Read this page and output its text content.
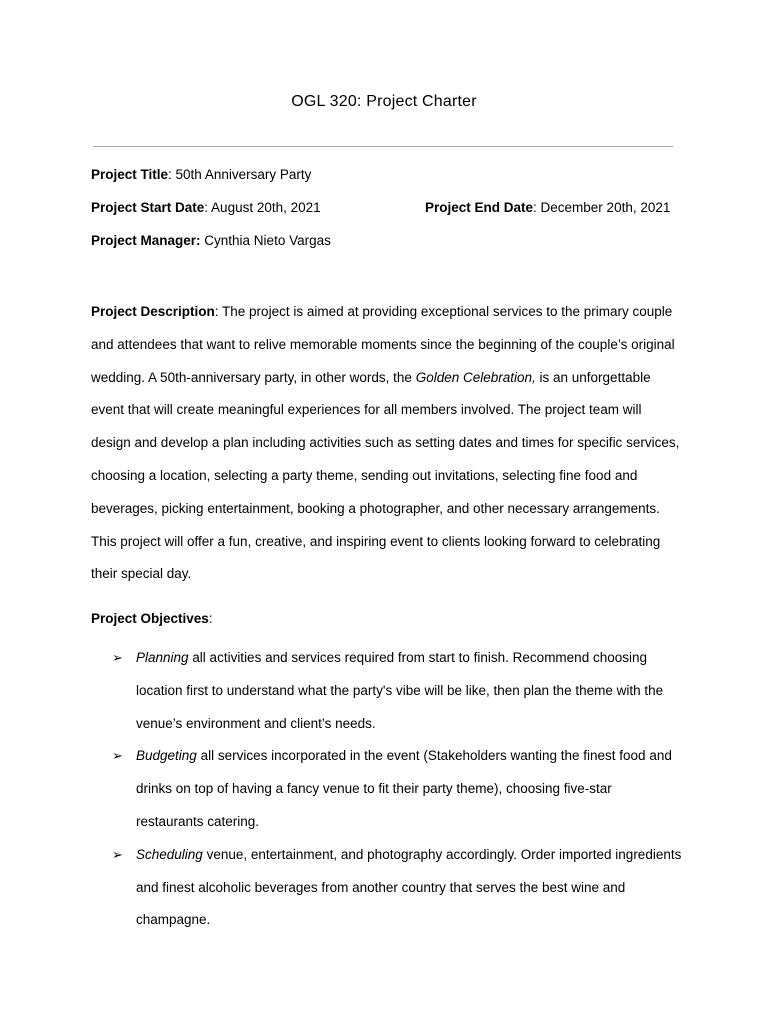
OGL 320: Project Charter
Project Title: 50th Anniversary Party
Project Start Date: August 20th, 2021	Project End Date: December 20th, 2021
Project Manager: Cynthia Nieto Vargas

Project Description: The project is aimed at providing exceptional services to the primary couple and attendees that want to relive memorable moments since the beginning of the couple’s original wedding. A 50th-anniversary party, in other words, the Golden Celebration, is an unforgettable event that will create meaningful experiences for all members involved. The project team will design and develop a plan including activities such as setting dates and times for specific services, choosing a location, selecting a party theme, sending out invitations, selecting fine food and beverages, picking entertainment, booking a photographer, and other necessary arrangements. This project will offer a fun, creative, and inspiring event to clients looking forward to celebrating their special day.

Project Objectives:
➢ Planning all activities and services required from start to finish. Recommend choosing location first to understand what the party's vibe will be like, then plan the theme with the venue’s environment and client’s needs.
➢ Budgeting all services incorporated in the event (Stakeholders wanting the finest food and drinks on top of having a fancy venue to fit their party theme), choosing five-star restaurants catering.
➢ Scheduling venue, entertainment, and photography accordingly. Order imported ingredients and finest alcoholic beverages from another country that serves the best wine and champagne.
